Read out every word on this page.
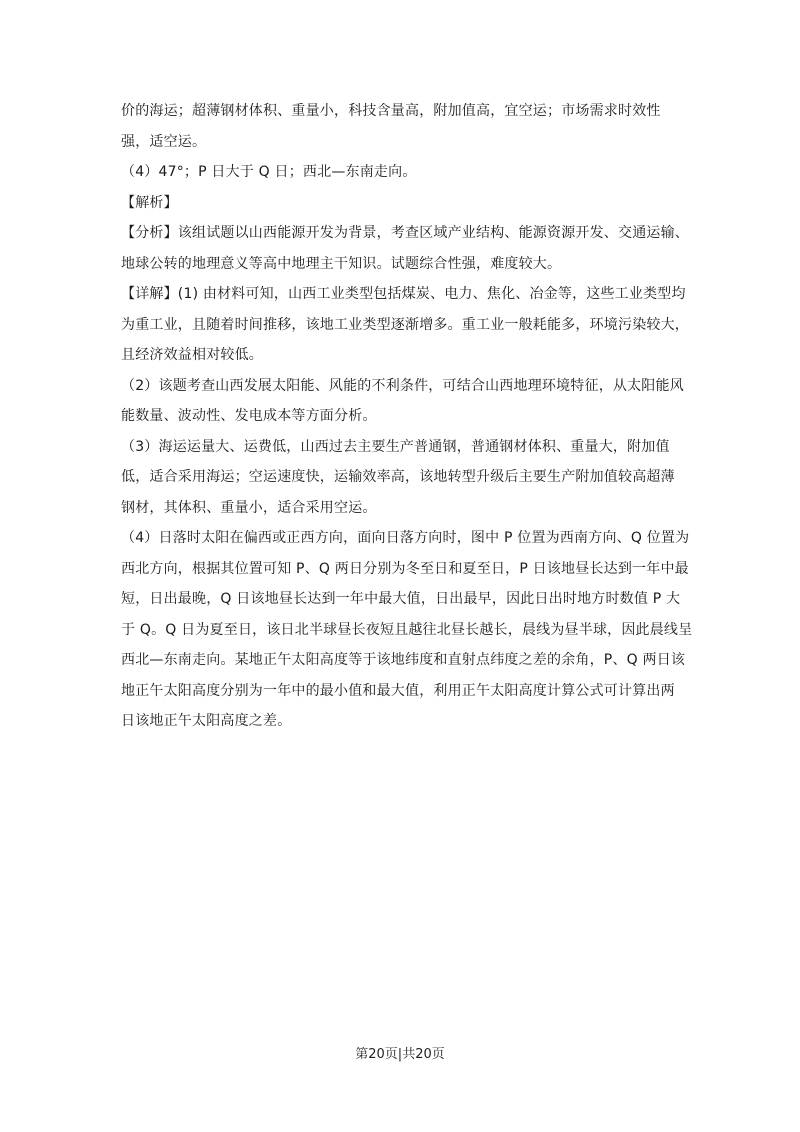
价的海运；超薄钢材体积、重量小，科技含量高，附加值高，宜空运；市场需求时效性
强，适空运。
（4）47°；P 日大于 Q 日；西北—东南走向。
【解析】
【分析】该组试题以山西能源开发为背景，考查区域产业结构、能源资源开发、交通运输、
地球公转的地理意义等高中地理主干知识。试题综合性强，难度较大。
【详解】(1) 由材料可知，山西工业类型包括煤炭、电力、焦化、冶金等，这些工业类型均
为重工业，且随着时间推移，该地工业类型逐渐增多。重工业一般耗能多，环境污染较大，
且经济效益相对较低。
（2）该题考查山西发展太阳能、风能的不利条件，可结合山西地理环境特征，从太阳能风
能数量、波动性、发电成本等方面分析。
（3）海运运量大、运费低，山西过去主要生产普通钢，普通钢材体积、重量大，附加值
低，适合采用海运；空运速度快，运输效率高，该地转型升级后主要生产附加值较高超薄
钢材，其体积、重量小，适合采用空运。
（4）日落时太阳在偏西或正西方向，面向日落方向时，图中 P 位置为西南方向、Q 位置为
西北方向，根据其位置可知 P、Q 两日分别为冬至日和夏至日，P 日该地昼长达到一年中最
短，日出最晚，Q 日该地昼长达到一年中最大值，日出最早，因此日出时地方时数值 P 大
于 Q。Q 日为夏至日，该日北半球昼长夜短且越往北昼长越长，晨线为昼半球，因此晨线呈
西北—东南走向。某地正午太阳高度等于该地纬度和直射点纬度之差的余角，P、Q 两日该
地正午太阳高度分别为一年中的最小值和最大值，利用正午太阳高度计算公式可计算出两
日该地正午太阳高度之差。
第20页|共20页
